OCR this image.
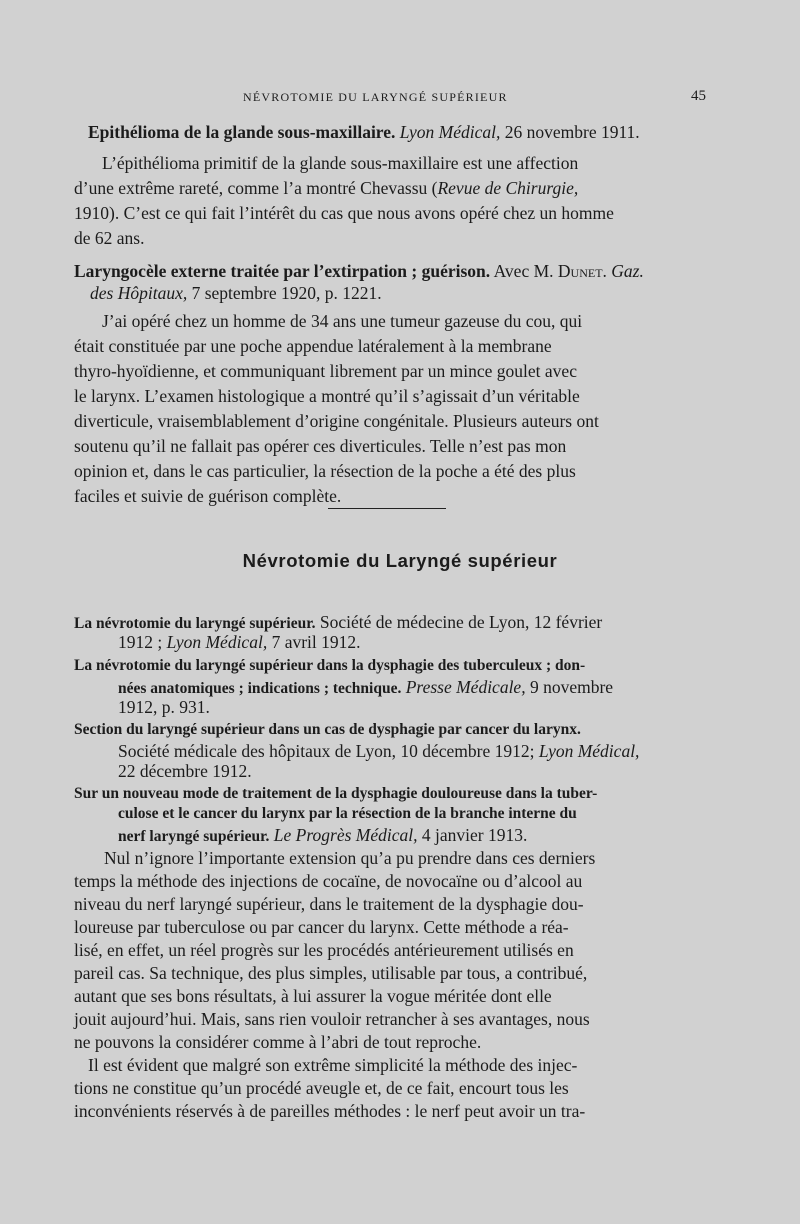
NÉVROTOMIE DU LARYNGÉ SUPÉRIEUR	45
Epithélioma de la glande sous-maxillaire. Lyon Médical, 26 novembre 1911.
L’épithélioma primitif de la glande sous-maxillaire est une affection
d’une extrême rareté, comme l’a montré Chevassu (Revue de Chirurgie,
1910). C’est ce qui fait l’intérêt du cas que nous avons opéré chez un homme
de 62 ans.
Laryngocèle externe traitée par l’extirpation ; guérison. Avec M. Dunet. Gaz.
des Hôpitaux, 7 septembre 1920, p. 1221.
J’ai opéré chez un homme de 34 ans une tumeur gazeuse du cou, qui
était constituée par une poche appendue latéralement à la membrane
thyro-hyoïdienne, et communiquant librement par un mince goulet avec
le larynx. L’examen histologique a montré qu’il s’agissait d’un véritable
diverticule, vraisemblablement d’origine congénitale. Plusieurs auteurs ont
soutenu qu’il ne fallait pas opérer ces diverticules. Telle n’est pas mon
opinion et, dans le cas particulier, la résection de la poche a été des plus
faciles et suivie de guérison complète.
Névrotomie du Laryngé supérieur
La névrotomie du laryngé supérieur. Société de médecine de Lyon, 12 février
1912 ; Lyon Médical, 7 avril 1912.
La névrotomie du laryngé supérieur dans la dysphagie des tuberculeux ; don-
nées anatomiques ; indications ; technique. Presse Médicale, 9 novembre
1912, p. 931.
Section du laryngé supérieur dans un cas de dysphagie par cancer du larynx.
Société médicale des hôpitaux de Lyon, 10 décembre 1912; Lyon Médical,
22 décembre 1912.
Sur un nouveau mode de traitement de la dysphagie douloureuse dans la tuber-
culose et le cancer du larynx par la résection de la branche interne du
nerf laryngé supérieur. Le Progrès Médical, 4 janvier 1913.
Nul n’ignore l’importante extension qu’a pu prendre dans ces derniers
temps la méthode des injections de cocaïne, de novocaïne ou d’alcool au
niveau du nerf laryngé supérieur, dans le traitement de la dysphagie dou-
loureuse par tuberculose ou par cancer du larynx. Cette méthode a réa-
lisé, en effet, un réel progrès sur les procédés antérieurement utilisés en
pareil cas. Sa technique, des plus simples, utilisable par tous, a contribué,
autant que ses bons résultats, à lui assurer la vogue méritée dont elle
jouit aujourd’hui. Mais, sans rien vouloir retrancher à ses avantages, nous
ne pouvons la considérer comme à l’abri de tout reproche.
Il est évident que malgré son extrême simplicité la méthode des injec-
tions ne constitue qu’un procédé aveugle et, de ce fait, encourt tous les
inconvénients réservés à de pareilles méthodes : le nerf peut avoir un tra-
